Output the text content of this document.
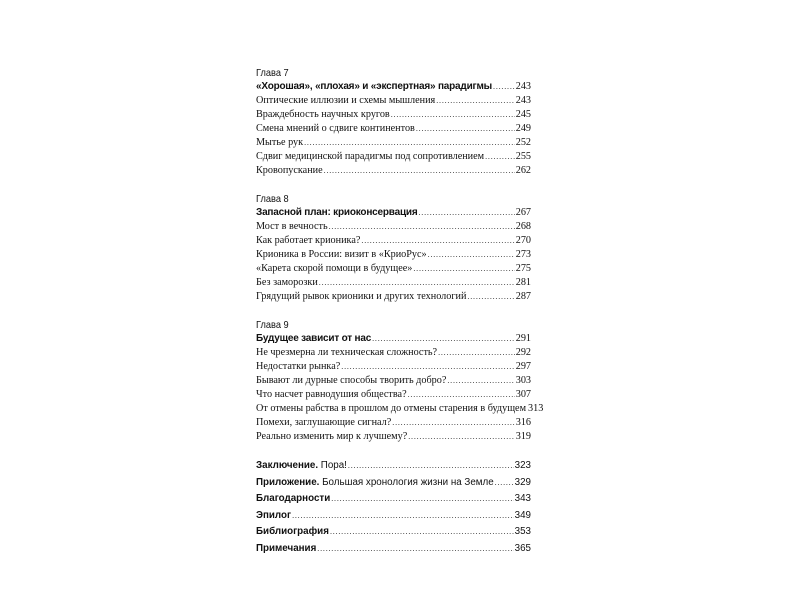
Глава 7
«Хорошая», «плохая» и «экспертная» парадигмы . . . 243
Оптические иллюзии и схемы мышления . . .	243
Враждебность научных кругов . . .	245
Смена мнений о сдвиге континентов . . .	249
Мытье рук . . .	252
Сдвиг медицинской парадигмы под сопротивлением . . .	255
Кровопускание . . .	262
Глава 8
Запасной план: криоконсервация . . .	267
Мост в вечность . . .	268
Как работает крионика? . . .	270
Крионика в России: визит в «КриоРус» . . .	273
«Карета скорой помощи в будущее» . . .	275
Без заморозки . . .	281
Грядущий рывок крионики и других технологий . . .	287
Глава 9
Будущее зависит от нас . . .	291
Не чрезмерна ли техническая сложность? . . .	292
Недостатки рынка? . . .	297
Бывают ли дурные способы творить добро? . . .	303
Что насчет равнодушия общества? . . .	307
От отмены рабства в прошлом до отмены старения в будущем 313
Помехи, заглушающие сигнал? . . .	316
Реально изменить мир к лучшему? . . .	319
Заключение. Пора! . . .	323
Приложение. Большая хронология жизни на Земле . . . 329
Благодарности . . .	343
Эпилог . . .	349
Библиография . . .	353
Примечания . . .	365
